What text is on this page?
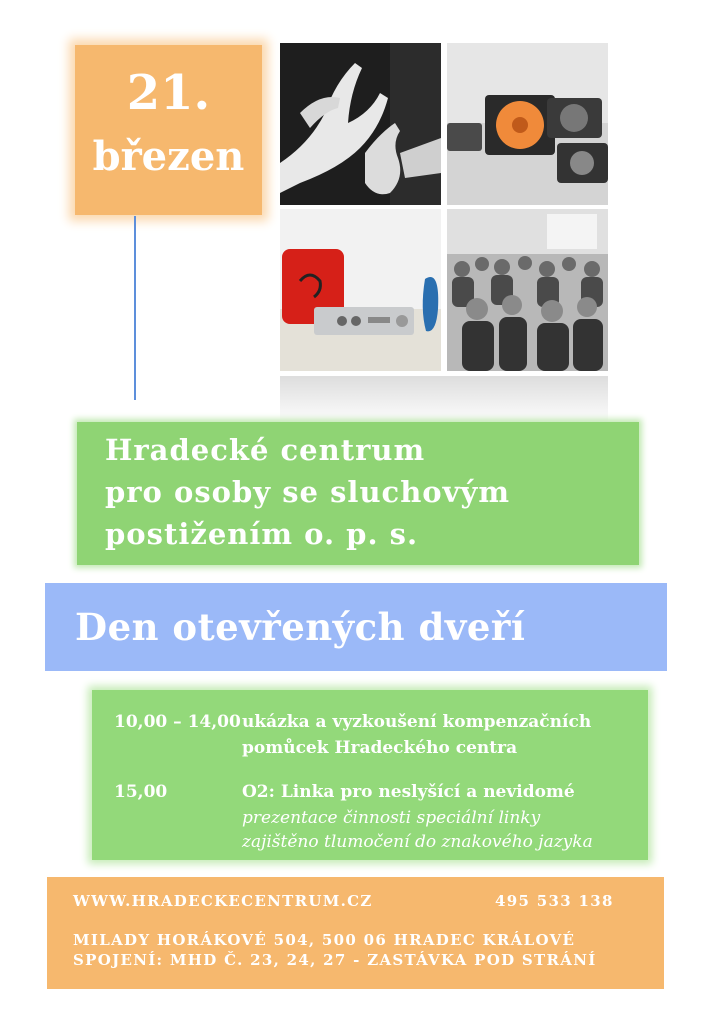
21.
březen
Hradecké centrum
pro osoby se sluchovým
postižením o. p. s.
Den otevřených dveří
10,00 – 14,00 ukázka a vyzkoušení kompenzačních
pomůcek Hradeckého centra
15,00	O2: Linka pro neslyšící a nevidomé
prezentace činnosti speciální linky
zajištěno tlumočení do znakového jazyka
WWW.HRADECKECENTRUM.CZ	495 533 138
MILADY HORÁKOVÉ 504, 500 06 HRADEC KRÁLOVÉ
SPOJENÍ: MHD Č. 23, 24, 27 - ZASTÁVKA POD STRÁNÍ
